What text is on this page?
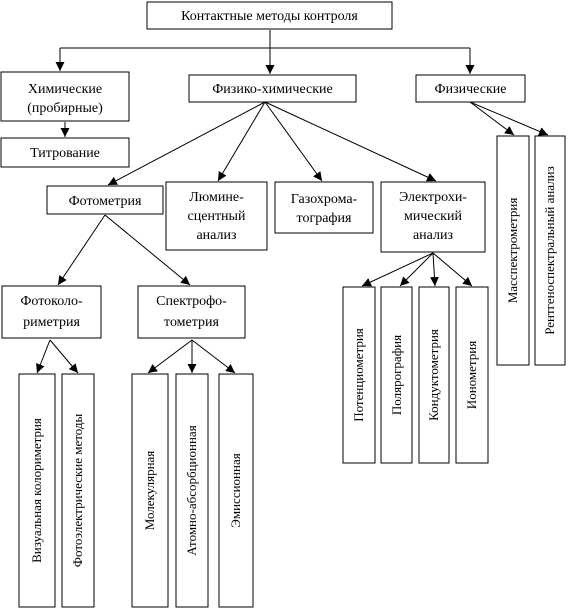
Контактные методы контроля
Химические
(пробирные)
Титрование
Физико-химические	Физические
Фотометрия	Люмине-
сцентный
анализ
Газохрома-
тография
Электрохи-
мический
анализ
Фотоколо-
риметрия
Спектрофо-
тометрия
Визуальная колориметрия Фотоэлектрические методы	Молекулярная Атомно-абсорбционная Эмиссионная
Потенциометрия Полярография Кондуктометрия Ионометрия
Масспектрометрия Рентгеноспектральный анализ
